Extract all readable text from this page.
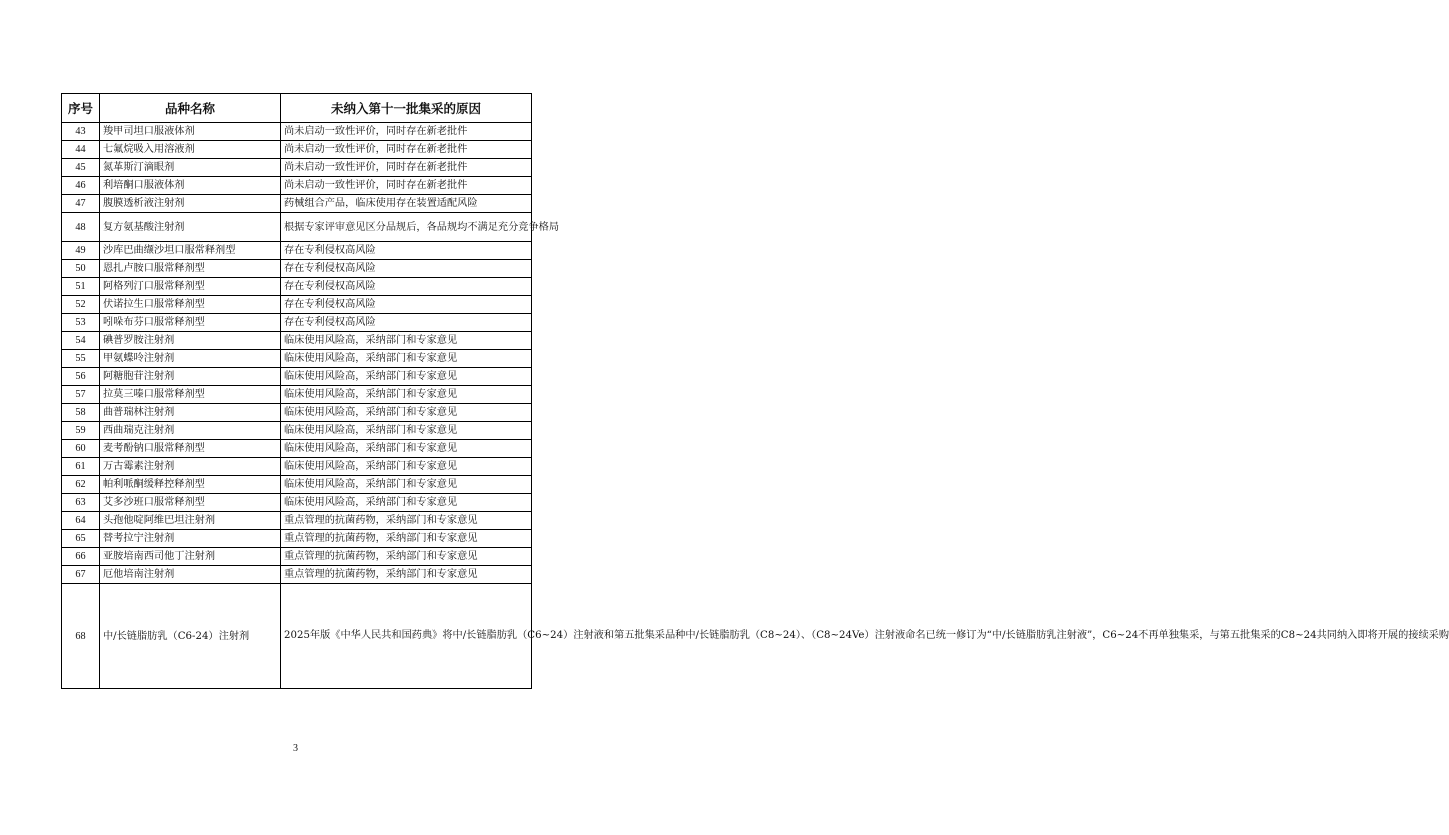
序号	品种名称	未纳入第十一批集采的原因
43	羧甲司坦口服液体剂	尚未启动一致性评价，同时存在新老批件
44	七氟烷吸入用溶液剂	尚未启动一致性评价，同时存在新老批件
45	氮革斯汀滴眼剂	尚未启动一致性评价，同时存在新老批件
46	利培酮口服液体剂	尚未启动一致性评价，同时存在新老批件
47	腹膜透析液注射剂	药械组合产品，临床使用存在装置适配风险
48	复方氨基酸注射剂	根据专家评审意见区分品规后，各品规均不满足充分竞争格局
49	沙库巴曲缬沙坦口服常释剂型	存在专利侵权高风险
50	恩扎卢胺口服常释剂型	存在专利侵权高风险
51	阿格列汀口服常释剂型	存在专利侵权高风险
52	伏诺拉生口服常释剂型	存在专利侵权高风险
53	吲哚布芬口服常释剂型	存在专利侵权高风险
54	碘普罗胺注射剂	临床使用风险高，采纳部门和专家意见
55	甲氨蝶呤注射剂	临床使用风险高，采纳部门和专家意见
56	阿糖胞苷注射剂	临床使用风险高，采纳部门和专家意见
57	拉莫三嗪口服常释剂型	临床使用风险高，采纳部门和专家意见
58	曲普瑞林注射剂	临床使用风险高，采纳部门和专家意见
59	西曲瑞克注射剂	临床使用风险高，采纳部门和专家意见
60	麦考酚钠口服常释剂型	临床使用风险高，采纳部门和专家意见
61	万古霉素注射剂	临床使用风险高，采纳部门和专家意见
62	帕利哌酮缓释控释剂型	临床使用风险高，采纳部门和专家意见
63	艾多沙班口服常释剂型	临床使用风险高，采纳部门和专家意见
64	头孢他啶阿维巴坦注射剂	重点管理的抗菌药物，采纳部门和专家意见
65	替考拉宁注射剂	重点管理的抗菌药物，采纳部门和专家意见
66	亚胺培南西司他丁注射剂	重点管理的抗菌药物，采纳部门和专家意见
67	厄他培南注射剂	重点管理的抗菌药物，采纳部门和专家意见
68	中/长链脂肪乳（C6-24）注射剂	2025年版《中华人民共和国药典》将中/长链脂肪乳（C6~24）注射液和第五批集采品种中/长链脂肪乳（C8~24）、（C8~24Ve）注射液命名已统一修订为“中/长链脂肪乳注射液”，C6~24不再单独集采，与第五批集采的C8~24共同纳入即将开展的接续采购
3
